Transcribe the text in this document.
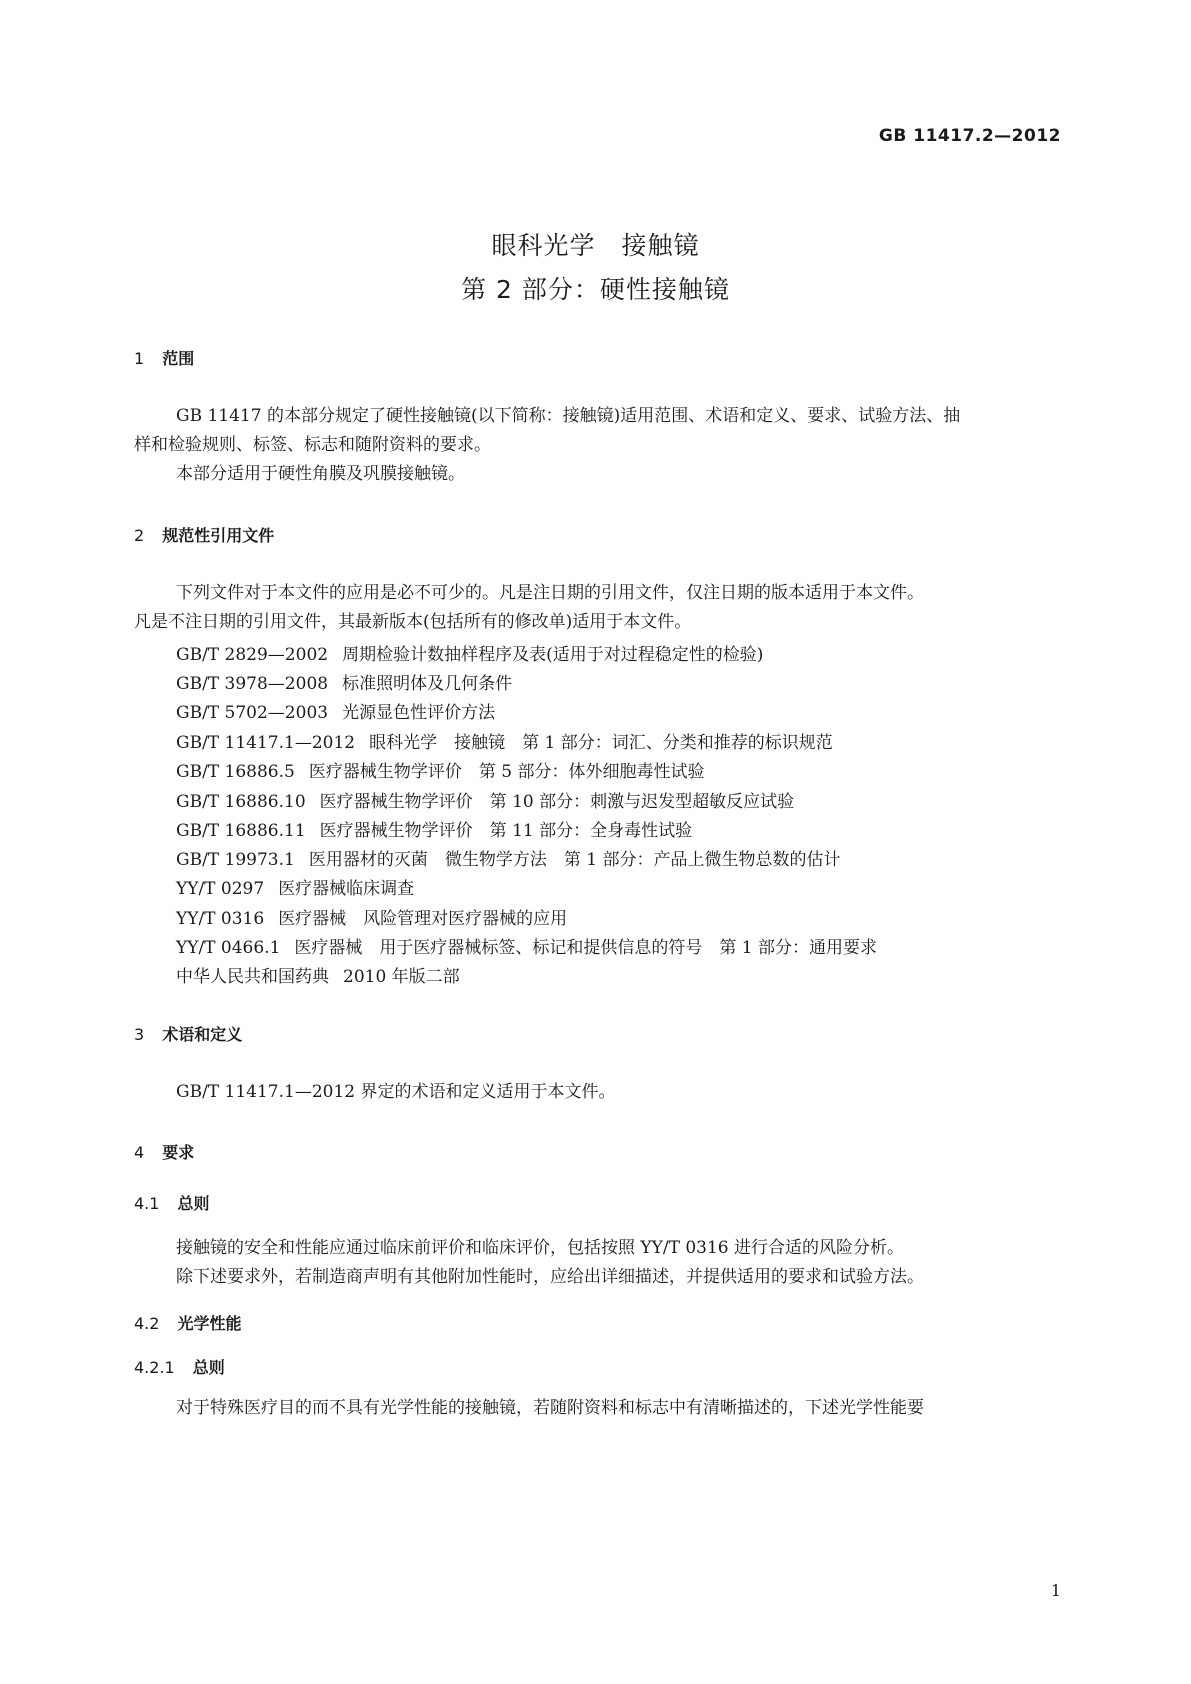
GB 11417.2—2012
眼科光学　接触镜
第 2 部分：硬性接触镜
1 范围
GB 11417 的本部分规定了硬性接触镜(以下简称：接触镜)适用范围、术语和定义、要求、试验方法、抽
样和检验规则、标签、标志和随附资料的要求。
本部分适用于硬性角膜及巩膜接触镜。
2 规范性引用文件
下列文件对于本文件的应用是必不可少的。凡是注日期的引用文件，仅注日期的版本适用于本文件。
凡是不注日期的引用文件，其最新版本(包括所有的修改单)适用于本文件。
GB/T 2829—2002 周期检验计数抽样程序及表(适用于对过程稳定性的检验)
GB/T 3978—2008 标准照明体及几何条件
GB/T 5702—2003 光源显色性评价方法
GB/T 11417.1—2012 眼科光学　接触镜　第 1 部分：词汇、分类和推荐的标识规范
GB/T 16886.5 医疗器械生物学评价　第 5 部分：体外细胞毒性试验
GB/T 16886.10 医疗器械生物学评价　第 10 部分：刺激与迟发型超敏反应试验
GB/T 16886.11 医疗器械生物学评价　第 11 部分：全身毒性试验
GB/T 19973.1 医用器材的灭菌　微生物学方法　第 1 部分：产品上微生物总数的估计
YY/T 0297 医疗器械临床调查
YY/T 0316 医疗器械　风险管理对医疗器械的应用
YY/T 0466.1 医疗器械　用于医疗器械标签、标记和提供信息的符号　第 1 部分：通用要求
中华人民共和国药典 2010 年版二部
3 术语和定义
GB/T 11417.1—2012 界定的术语和定义适用于本文件。
4 要求
4.1 总则
接触镜的安全和性能应通过临床前评价和临床评价，包括按照 YY/T 0316 进行合适的风险分析。
除下述要求外，若制造商声明有其他附加性能时，应给出详细描述，并提供适用的要求和试验方法。
4.2 光学性能
4.2.1 总则
对于特殊医疗目的而不具有光学性能的接触镜，若随附资料和标志中有清晰描述的，下述光学性能要
1
